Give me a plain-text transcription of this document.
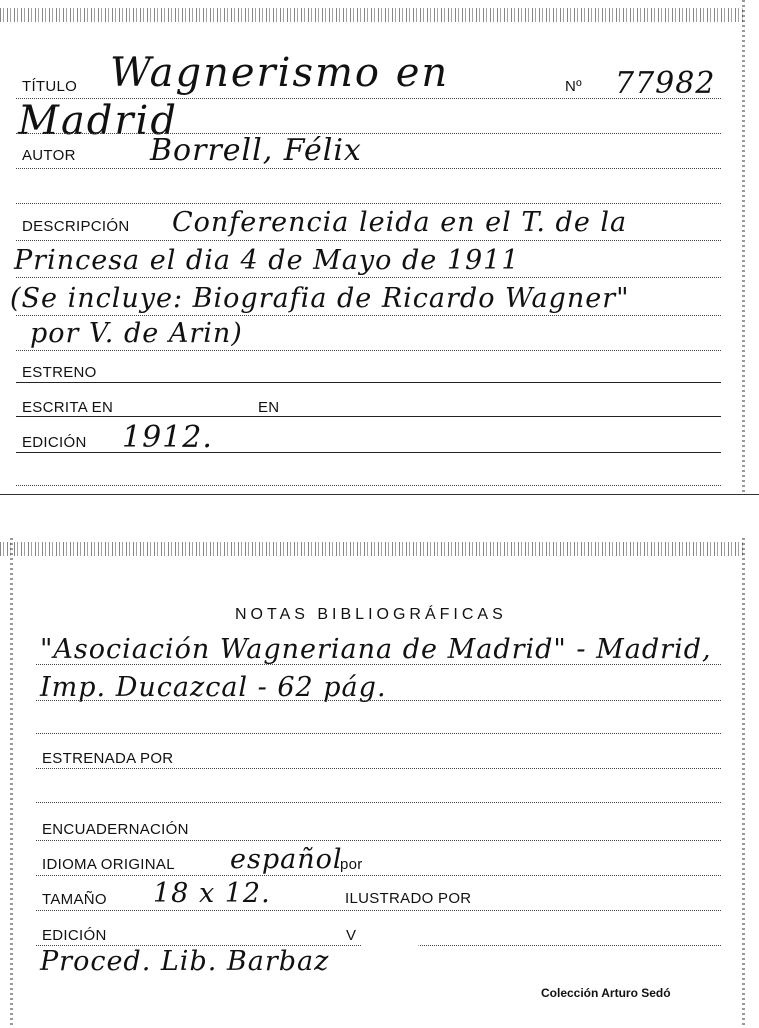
TÍTULO Wagnerismo en	Nº 77982
Madrid
AUTOR Borrell, Félix
DESCRIPCIÓN Conferencia leida en el T. de la
Princesa el dia 4 de Mayo de 1911
(Se incluye: Biografia de Ricardo Wagner"
por V. de Arin)
ESTRENO
ESCRITA EN	EN
EDICIÓN 1912.
NOTAS BIBLIOGRÁFICAS
"Asociación Wagneriana de Madrid" - Madrid,
Imp. Ducazcal - 62 pág.
ESTRENADA POR
ENCUADERNACIÓN
IDIOMA ORIGINAL español
por
TAMAÑO 18 x 12.	ILUSTRADO POR
EDICIÓN	V
Proced. Lib. Barbaz
Colección Arturo Sedó
